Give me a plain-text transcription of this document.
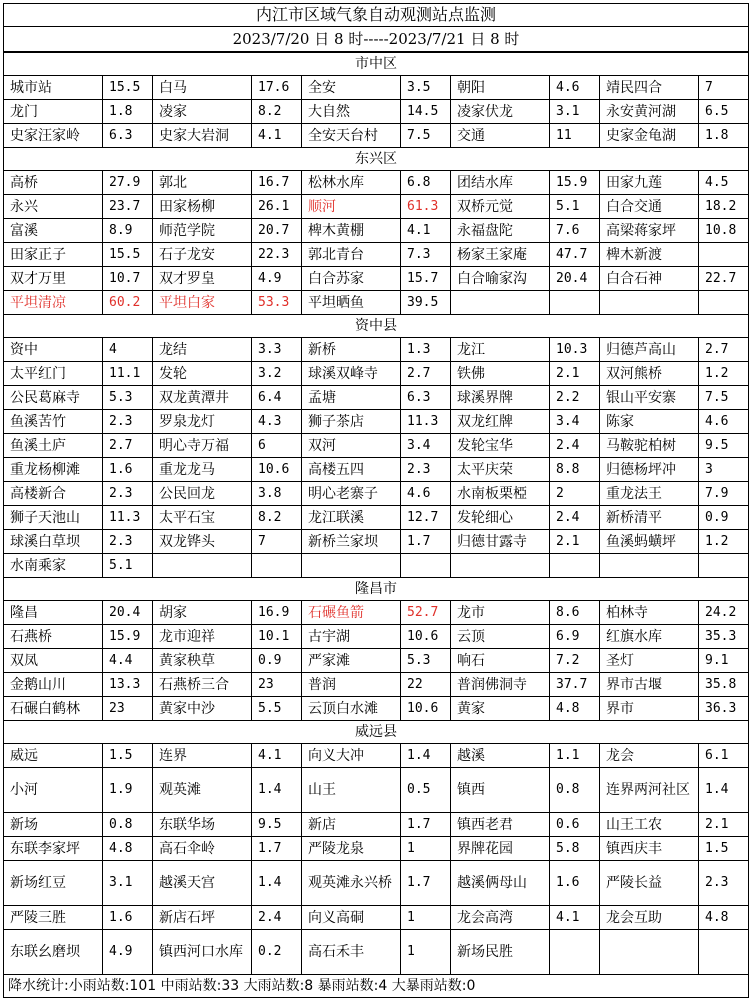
内江市区域气象自动观测站点监测
2023/7/20 日 8 时-----2023/7/21 日 8 时
市中区									
城市站	15.5	白马	17.6	全安	3.5	朝阳	4.6	靖民四合	7
龙门	1.8	凌家	8.2	大自然	14.5	凌家伏龙	3.1	永安黄河湖	6.5
史家汪家岭	6.3	史家大岩洞	4.1	全安天台村	7.5	交通	11	史家金龟湖	1.8
东兴区									
高桥	27.9	郭北	16.7	松林水库	6.8	团结水库	15.9	田家九莲	4.5
永兴	23.7	田家杨柳	26.1	顺河	61.3	双桥元觉	5.1	白合交通	18.2
富溪	8.9	师范学院	20.7	椑木黄棚	4.1	永福盘陀	7.6	高梁蒋家坪	10.8
田家正子	15.5	石子龙安	22.3	郭北青台	7.3	杨家王家庵	47.7	椑木新渡	
双才万里	10.7	双才罗皇	4.9	白合苏家	15.7	白合喻家沟	20.4	白合石神	22.7
平坦清凉	60.2	平坦白家	53.3	平坦晒鱼	39.5				
资中县									
资中	4	龙结	3.3	新桥	1.3	龙江	10.3	归德芦高山	2.7
太平红门	11.1	发轮	3.2	球溪双峰寺	2.7	铁佛	2.1	双河熊桥	1.2
公民葛麻寺	5.3	双龙黄潭井	6.4	孟塘	6.3	球溪界牌	2.2	银山平安寨	7.5
鱼溪苦竹	2.3	罗泉龙灯	4.3	狮子茶店	11.3	双龙红牌	3.4	陈家	4.6
鱼溪土庐	2.7	明心寺万福	6	双河	3.4	发轮宝华	2.4	马鞍驼柏树	9.5
重龙杨柳滩	1.6	重龙龙马	10.6	高楼五四	2.3	太平庆荣	8.8	归德杨坪冲	3
高楼新合	2.3	公民回龙	3.8	明心老寨子	4.6	水南板栗椏	2	重龙法王	7.9
狮子天池山	11.3	太平石宝	8.2	龙江联溪	12.7	发轮细心	2.4	新桥清平	0.9
球溪白草坝	2.3	双龙铧头	7	新桥兰家坝	1.7	归德甘露寺	2.1	鱼溪蚂蟥坪	1.2
水南乘家	5.1								
隆昌市									
隆昌	20.4	胡家	16.9	石碾鱼箭	52.7	龙市	8.6	柏林寺	24.2
石燕桥	15.9	龙市迎祥	10.1	古宇湖	10.6	云顶	6.9	红旗水库	35.3
双凤	4.4	黄家秧草	0.9	严家滩	5.3	响石	7.2	圣灯	9.1
金鹅山川	13.3	石燕桥三合	23	普润	22	普润佛洞寺	37.7	界市古堰	35.8
石碾白鹤林	23	黄家中沙	5.5	云顶白水滩	10.6	黄家	4.8	界市	36.3
威远县									
威远	1.5	连界	4.1	向义大冲	1.4	越溪	1.1	龙会	6.1
小河	1.9	观英滩	1.4	山王	0.5	镇西	0.8	连界两河社区	1.4
新场	0.8	东联华场	9.5	新店	1.7	镇西老君	0.6	山王工农	2.1
东联李家坪	4.8	高石伞岭	1.7	严陵龙泉	1	界牌花园	5.8	镇西庆丰	1.5
新场红豆	3.1	越溪天宫	1.4	观英滩永兴桥	1.7	越溪俩母山	1.6	严陵长益	2.3
严陵三胜	1.6	新店石坪	2.4	向义高硐	1	龙会高湾	4.1	龙会互助	4.8
东联幺磨坝	4.9	镇西河口水库	0.2	高石禾丰	1	新场民胜			
降水统计:小雨站数:101 中雨站数:33 大雨站数:8 暴雨站数:4 大暴雨站数:0
